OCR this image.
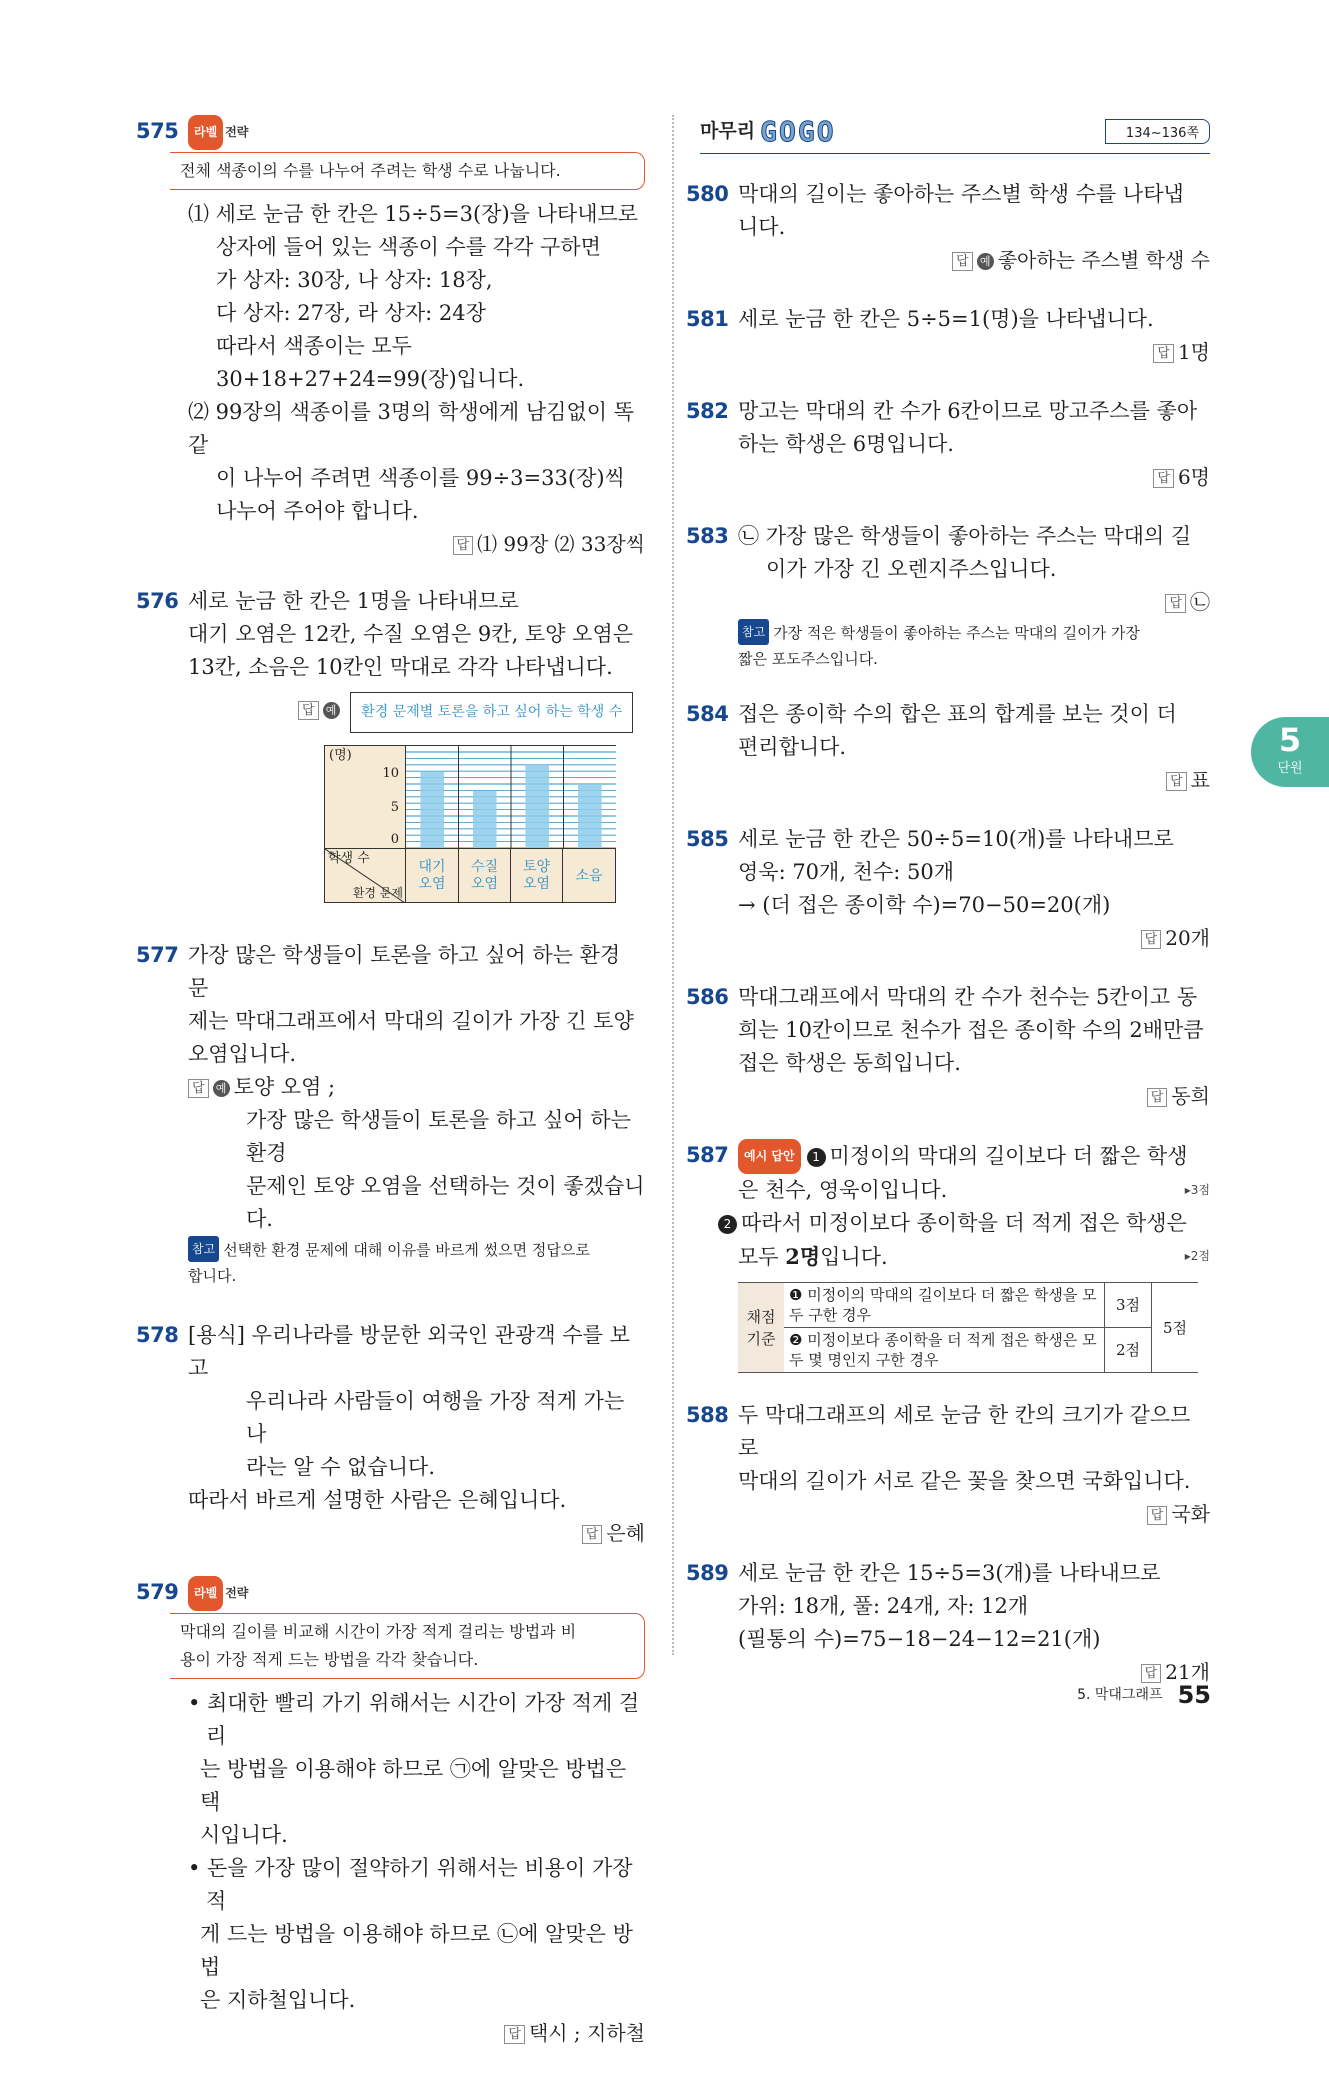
575	라벨 전략
전체 색종이의 수를 나누어 주려는 학생 수로 나눕니다.
⑴ 세로 눈금 한 칸은 15÷5=3(장)을 나타내므로
상자에 들어 있는 색종이 수를 각각 구하면
가 상자: 30장, 나 상자: 18장,
다 상자: 27장, 라 상자: 24장
따라서 색종이는 모두
30+18+27+24=99(장)입니다.
⑵ 99장의 색종이를 3명의 학생에게 남김없이 똑같
이 나누어 주려면 색종이를 99÷3=33(장)씩
나누어 주어야 합니다.
답 ⑴ 99장 ⑵ 33장씩
576 세로 눈금 한 칸은 1명을 나타내므로
대기 오염은 12칸, 수질 오염은 9칸, 토양 오염은
13칸, 소음은 10칸인 막대로 각각 나타냅니다.
답 예 환경 문제별 토론을 하고 싶어 하는 학생 수
(명)
10
5
0
학생 수
환경 문제
대기
오염
수질
오염
토양
오염
소음
577 가장 많은 학생들이 토론을 하고 싶어 하는 환경 문
제는 막대그래프에서 막대의 길이가 가장 긴 토양
오염입니다.
답 예 토양 오염 ;
가장 많은 학생들이 토론을 하고 싶어 하는 환경
문제인 토양 오염을 선택하는 것이 좋겠습니다.
참고 선택한 환경 문제에 대해 이유를 바르게 썼으면 정답으로
합니다.
578 [용식] 우리나라를 방문한 외국인 관광객 수를 보고
우리나라 사람들이 여행을 가장 적게 가는 나
라는 알 수 없습니다.
따라서 바르게 설명한 사람은 은혜입니다.
답 은혜
579	라벨 전략
막대의 길이를 비교해 시간이 가장 적게 걸리는 방법과 비
용이 가장 적게 드는 방법을 각각 찾습니다.
• 최대한 빨리 가기 위해서는 시간이 가장 적게 걸리
는 방법을 이용해야 하므로 ㉠에 알맞은 방법은 택
시입니다.
• 돈을 가장 많이 절약하기 위해서는 비용이 가장 적
게 드는 방법을 이용해야 하므로 ㉡에 알맞은 방법
은 지하철입니다.
답 택시 ; 지하철
마무리 GOGO	134~136쪽
580 막대의 길이는 좋아하는 주스별 학생 수를 나타냅
니다.
답 예 좋아하는 주스별 학생 수
581 세로 눈금 한 칸은 5÷5=1(명)을 나타냅니다.
답 1명
582 망고는 막대의 칸 수가 6칸이므로 망고주스를 좋아
하는 학생은 6명입니다.
답 6명
583 ㉡ 가장 많은 학생들이 좋아하는 주스는 막대의 길
이가 가장 긴 오렌지주스입니다.
답 ㉡
참고 가장 적은 학생들이 좋아하는 주스는 막대의 길이가 가장
짧은 포도주스입니다.
584 접은 종이학 수의 합은 표의 합계를 보는 것이 더
편리합니다.
답 표
585 세로 눈금 한 칸은 50÷5=10(개)를 나타내므로
영욱: 70개, 천수: 50개
→ (더 접은 종이학 수)=70−50=20(개)
답 20개
586 막대그래프에서 막대의 칸 수가 천수는 5칸이고 동
희는 10칸이므로 천수가 접은 종이학 수의 2배만큼
접은 학생은 동희입니다.
답 동희
587	예시 답안 1 미정이의 막대의 길이보다 더 짧은 학생
은 천수, 영욱이입니다.	▸3점
2 따라서 미정이보다 종이학을 더 적게 접은 학생은
모두 2명입니다.	▸2점
채점
기준	❶ 미정이의 막대의 길이보다 더 짧은 학생을 모
두 구한 경우	3점	5점
	❷ 미정이보다 종이학을 더 적게 접은 학생은 모
두 몇 명인지 구한 경우	2점	
588 두 막대그래프의 세로 눈금 한 칸의 크기가 같으므로
막대의 길이가 서로 같은 꽃을 찾으면 국화입니다.
답 국화
589 세로 눈금 한 칸은 15÷5=3(개)를 나타내므로
가위: 18개, 풀: 24개, 자: 12개
(필통의 수)=75−18−24−12=21(개)
답 21개
5
단원
5. 막대그래프 55
